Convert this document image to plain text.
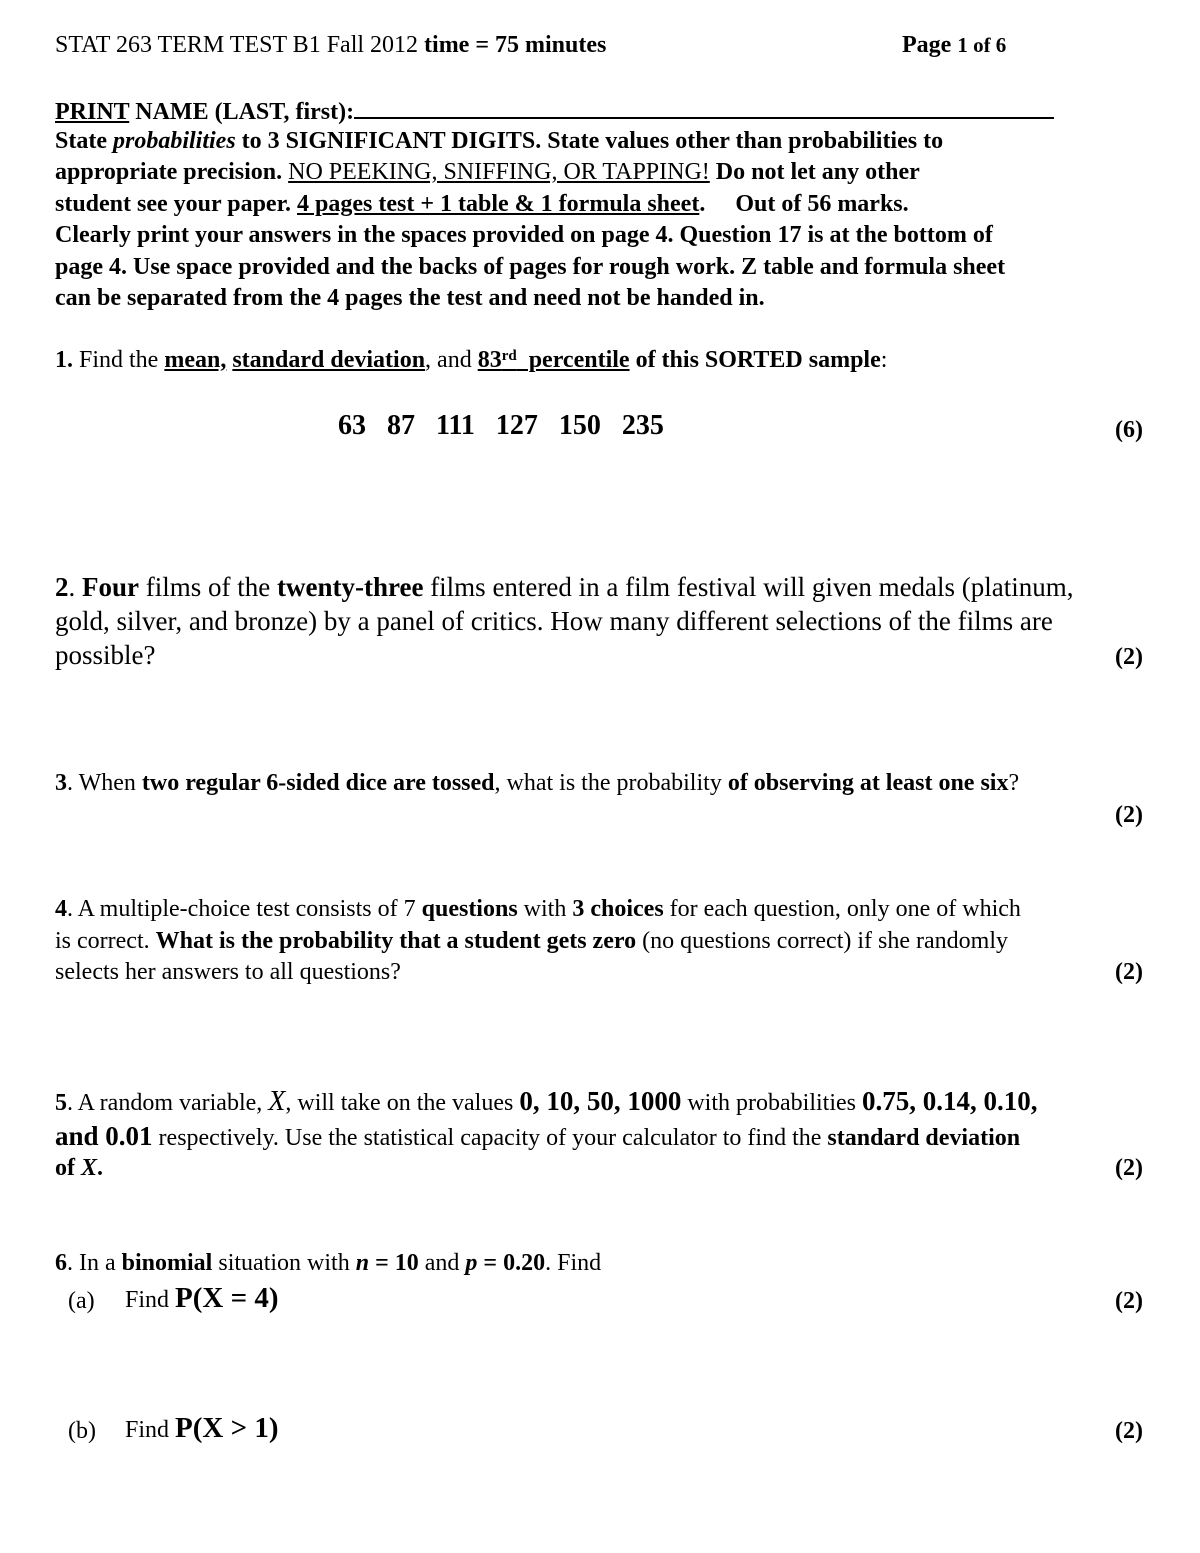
STAT 263 TERM TEST B1 Fall 2012 time = 75 minutes	Page 1 of 6
PRINT NAME (LAST, first):
State probabilities to 3 SIGNIFICANT DIGITS. State values other than probabilities to
appropriate precision. NO PEEKING, SNIFFING, OR TAPPING! Do not let any other
student see your paper. 4 pages test + 1 table & 1 formula sheet.     Out of 56 marks.
Clearly print your answers in the spaces provided on page 4. Question 17 is at the bottom of
page 4. Use space provided and the backs of pages for rough work. Z table and formula sheet
can be separated from the 4 pages the test and need not be handed in.
1. Find the mean, standard deviation, and 83rd  percentile of this SORTED sample:
63   87   111   127   150   235	(6)
2. Four films of the twenty-three films entered in a film festival will given medals (platinum,
gold, silver, and bronze) by a panel of critics. How many different selections of the films are
possible?	(2)
3. When two regular 6-sided dice are tossed, what is the probability of observing at least one six?
(2)
4. A multiple-choice test consists of 7 questions with 3 choices for each question, only one of which
is correct. What is the probability that a student gets zero (no questions correct) if she randomly
selects her answers to all questions?	(2)
5. A random variable, X, will take on the values 0, 10, 50, 1000 with probabilities 0.75, 0.14, 0.10,
and 0.01 respectively. Use the statistical capacity of your calculator to find the standard deviation
of X.	(2)
6. In a binomial situation with n = 10 and p = 0.20. Find
(a) Find P(X = 4)	(2)
(b) Find P(X > 1)	(2)
